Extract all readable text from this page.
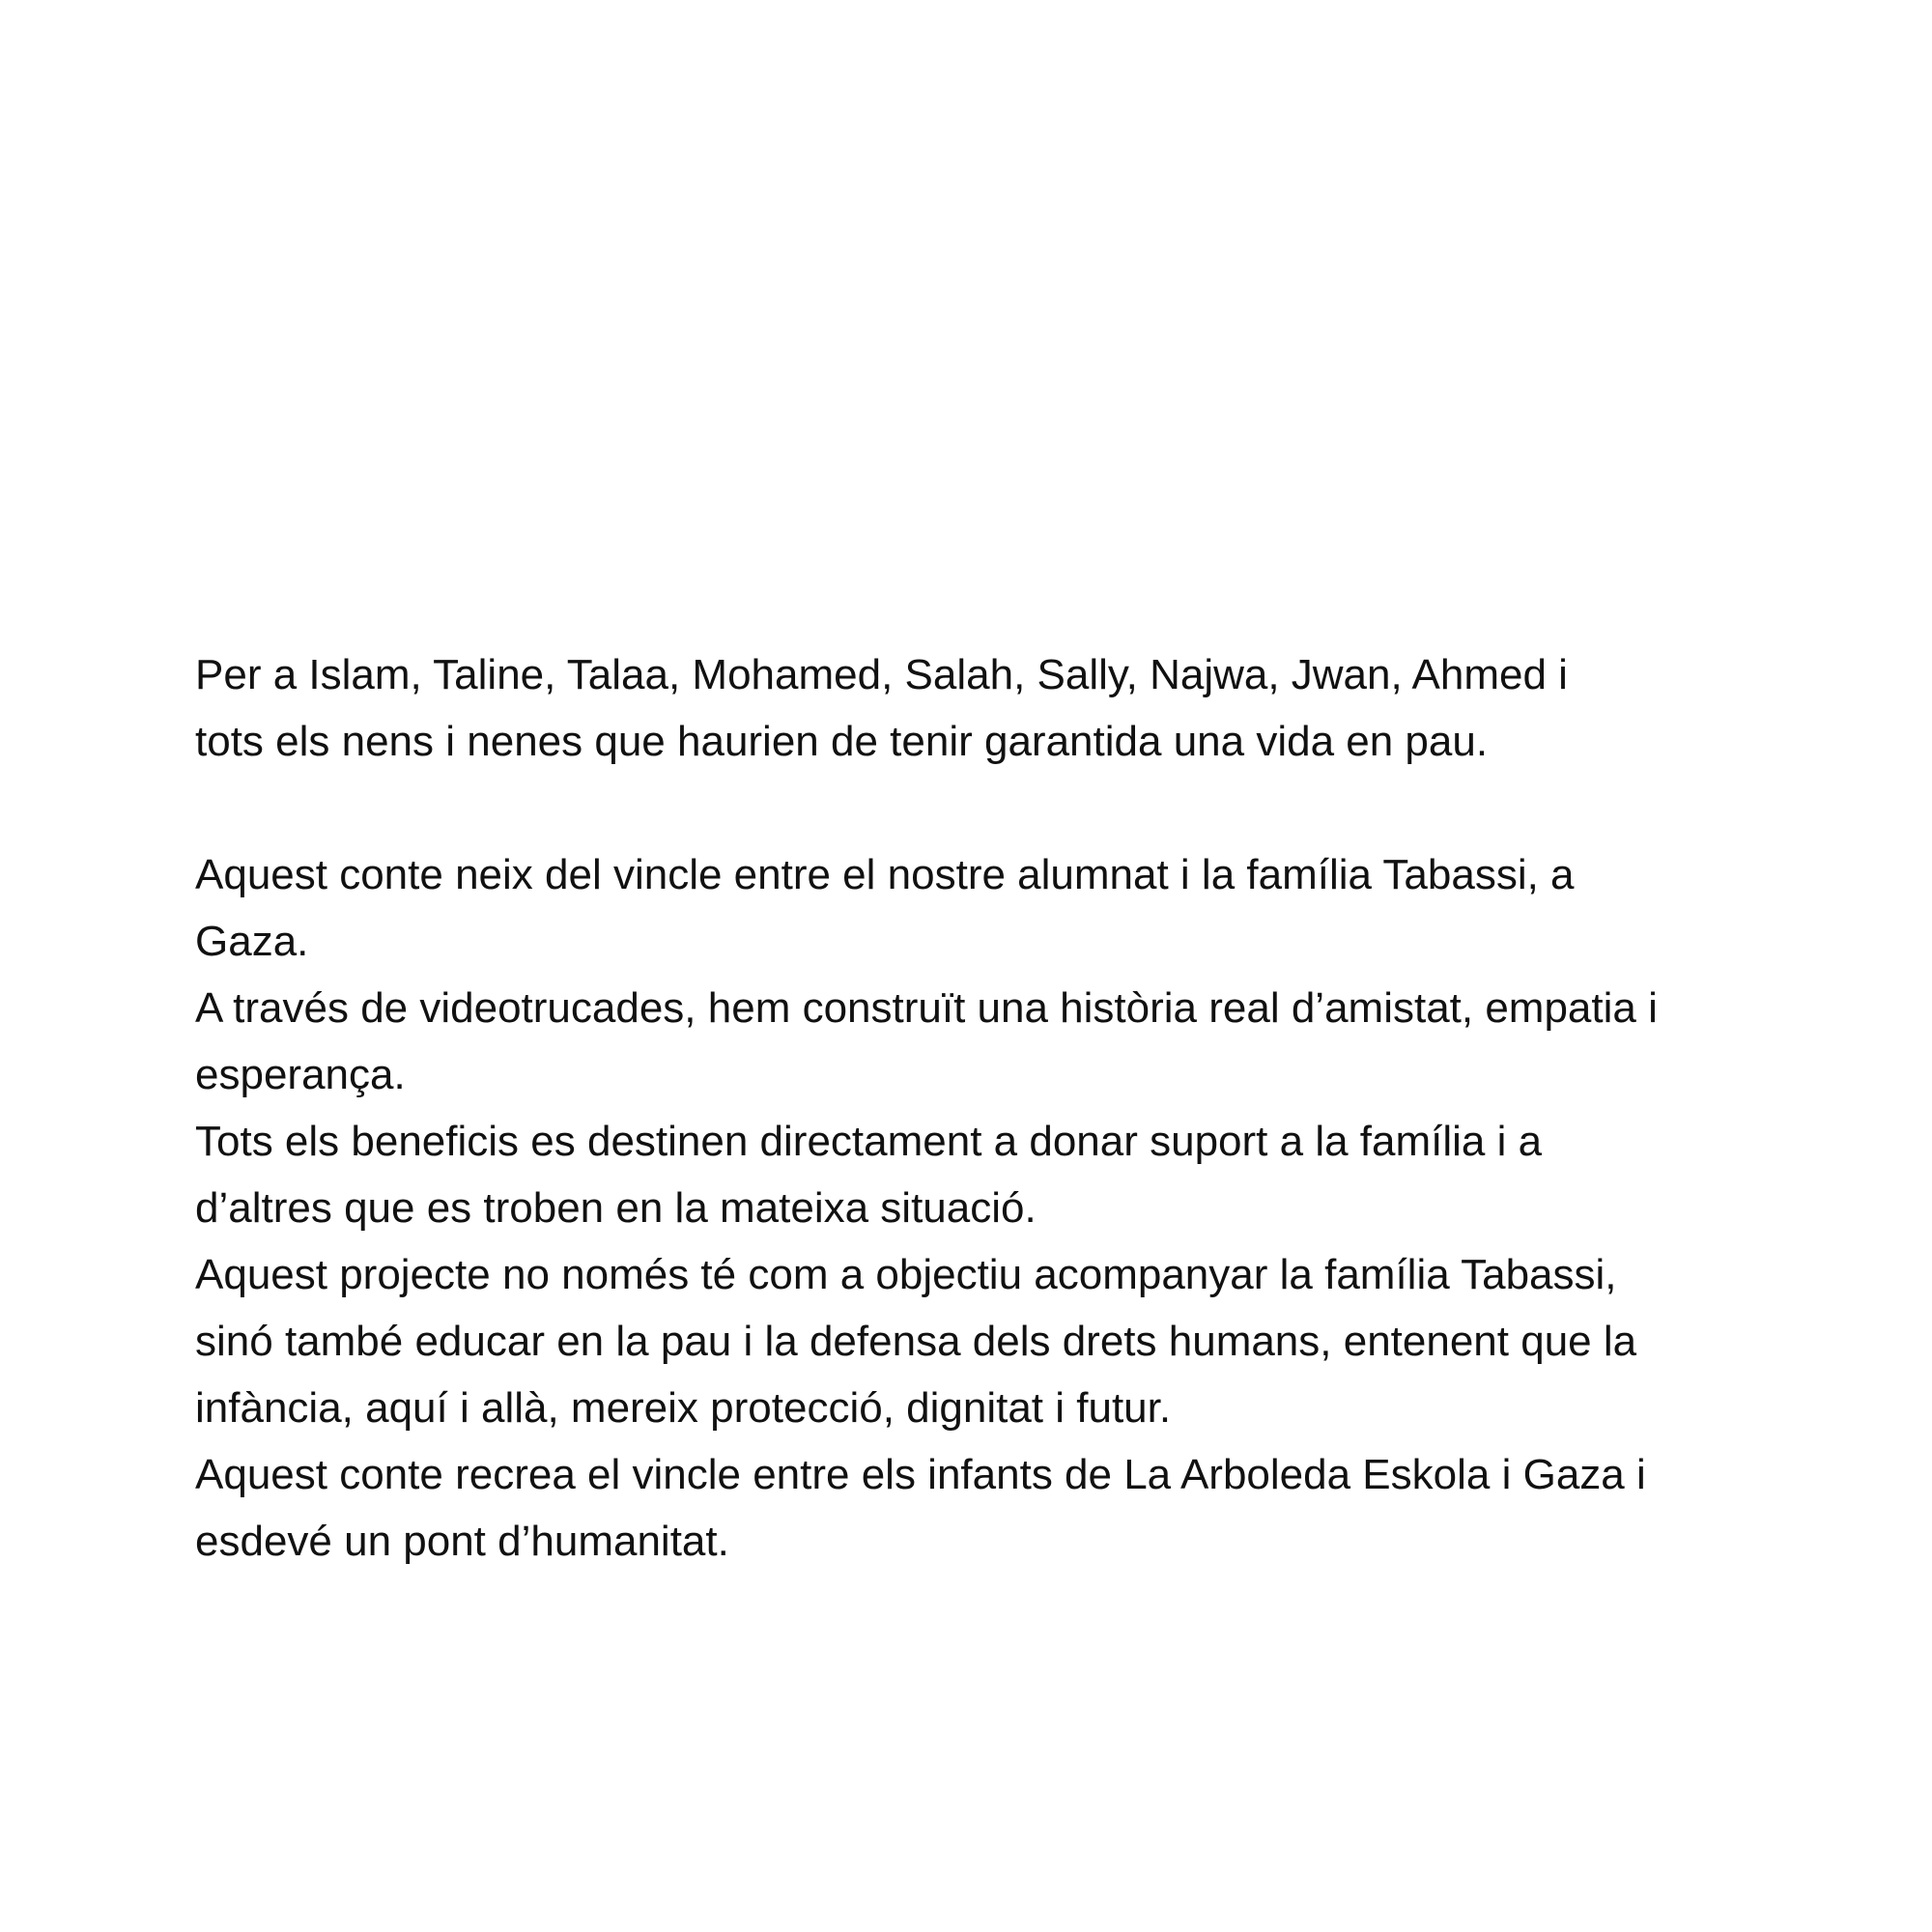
Per a Islam, Taline, Talaa, Mohamed, Salah, Sally, Najwa, Jwan, Ahmed i
tots els nens i nenes que haurien de tenir garantida una vida en pau.

Aquest conte neix del vincle entre el nostre alumnat i la família Tabassi, a
Gaza.

A través de videotrucades, hem construït una història real d’amistat, empatia i
esperança.

Tots els beneficis es destinen directament a donar suport a la família i a
d’altres que es troben en la mateixa situació.

Aquest projecte no només té com a objectiu acompanyar la família Tabassi,
sinó també educar en la pau i la defensa dels drets humans, entenent que la
infància, aquí i allà, mereix protecció, dignitat i futur.

Aquest conte recrea el vincle entre els infants de La Arboleda Eskola i Gaza i
esdevé un pont d’humanitat.
